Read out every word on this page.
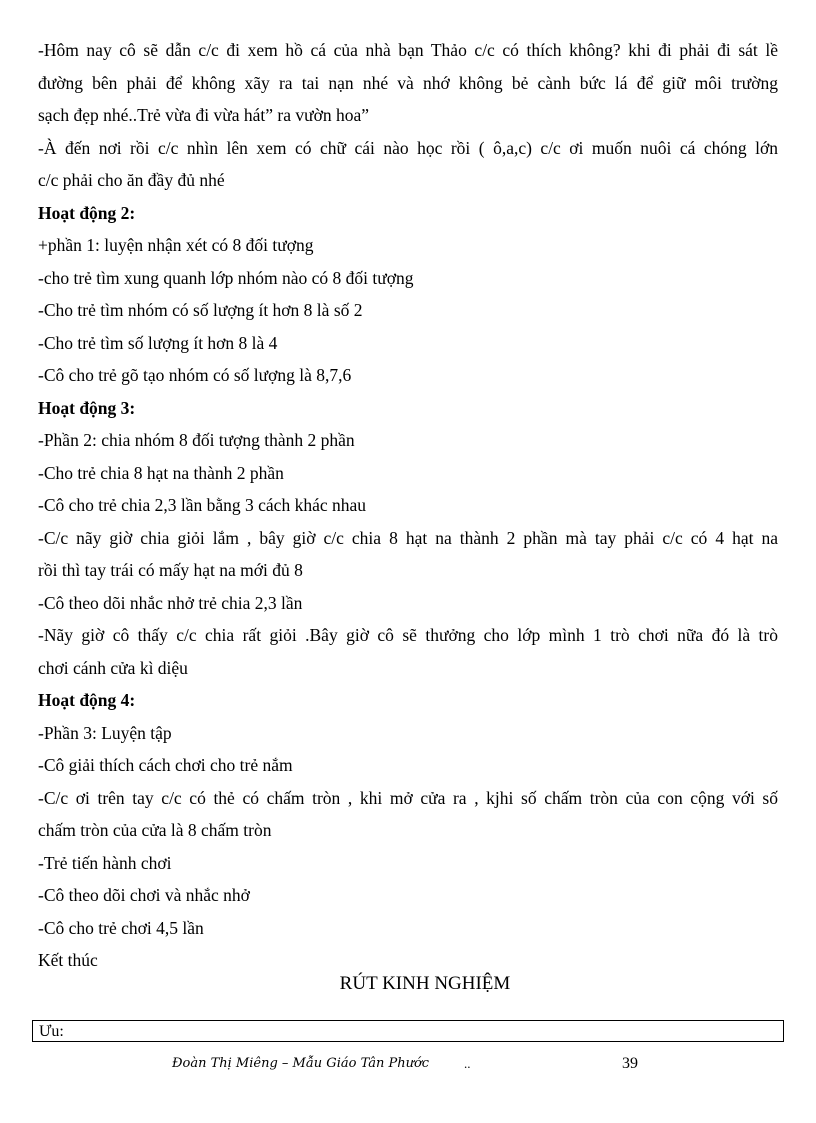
-Hôm nay cô sẽ dẫn c/c đi xem hồ cá của nhà bạn Thảo c/c có thích không? khi đi phải đi sát lề
đường bên phải để không xãy ra tai nạn nhé và nhớ không bẻ cành bức lá để giữ môi trường
sạch đẹp nhé..Trẻ vừa đi vừa hát” ra vườn hoa”
-À đến nơi rồi c/c nhìn lên xem có chữ cái nào học rồi ( ô,a,c) c/c ơi muốn nuôi cá chóng lớn
c/c phải cho ăn đầy đủ nhé
Hoạt động 2:
+phần 1: luyện nhận xét có 8 đối tượng
-cho trẻ tìm xung quanh lớp nhóm nào có 8 đối tượng
-Cho trẻ tìm nhóm có số lượng ít hơn 8 là số 2
-Cho trẻ tìm số lượng ít hơn 8 là 4
-Cô cho trẻ gõ tạo nhóm có số lượng là 8,7,6
Hoạt động 3:
-Phần 2: chia nhóm 8 đối tượng thành 2 phần
-Cho trẻ chia 8 hạt na thành 2 phần
-Cô cho trẻ chia 2,3 lần bằng 3 cách khác nhau
-C/c nãy giờ chia giỏi lắm , bây giờ c/c chia 8 hạt na thành 2 phần mà tay phải c/c có 4 hạt na
rồi thì tay trái có mấy hạt na mới đủ 8
-Cô theo dõi nhắc nhở trẻ chia 2,3 lần
-Nãy giờ cô thấy c/c chia rất giỏi .Bây giờ cô sẽ thưởng cho lớp mình 1 trò chơi nữa đó là trò
chơi cánh cửa kì diệu
Hoạt động 4:
-Phần 3: Luyện tập
-Cô giải thích cách chơi cho trẻ nắm
-C/c ơi trên tay c/c có thẻ có chấm tròn , khi mở cửa ra , kjhi số chấm tròn của con cộng với số
chấm tròn của cửa là 8 chấm tròn
-Trẻ tiến hành chơi
-Cô theo dõi chơi và nhắc nhở
-Cô cho trẻ chơi 4,5 lần
Kết thúc
RÚT KINH NGHIỆM
Ưu:
Đoàn Thị Miêng – Mẫu Giáo Tân Phước	..	39
